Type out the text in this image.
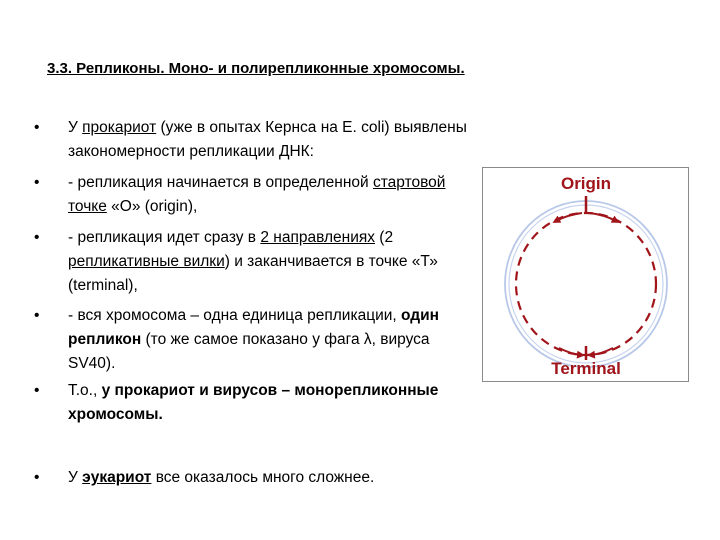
3.3. Репликоны. Моно- и полирепликонные хромосомы.
•	У прокариот (уже в опытах Кернса на E. coli) выявлены закономерности репликации ДНК:
•	- репликация начинается в определенной стартовой точке «О» (origin),
•	- репликация идет сразу в 2 направлениях (2 репликативные вилки) и заканчивается в точке «Т» (terminal),
•	- вся хромосома – одна единица репликации, один репликон (то же самое показано у фага λ, вируса SV40).
•	Т.о., у прокариот и вирусов – монорепликонные хромосомы.
•	У эукариот все оказалось много сложнее.
Origin
Terminal
